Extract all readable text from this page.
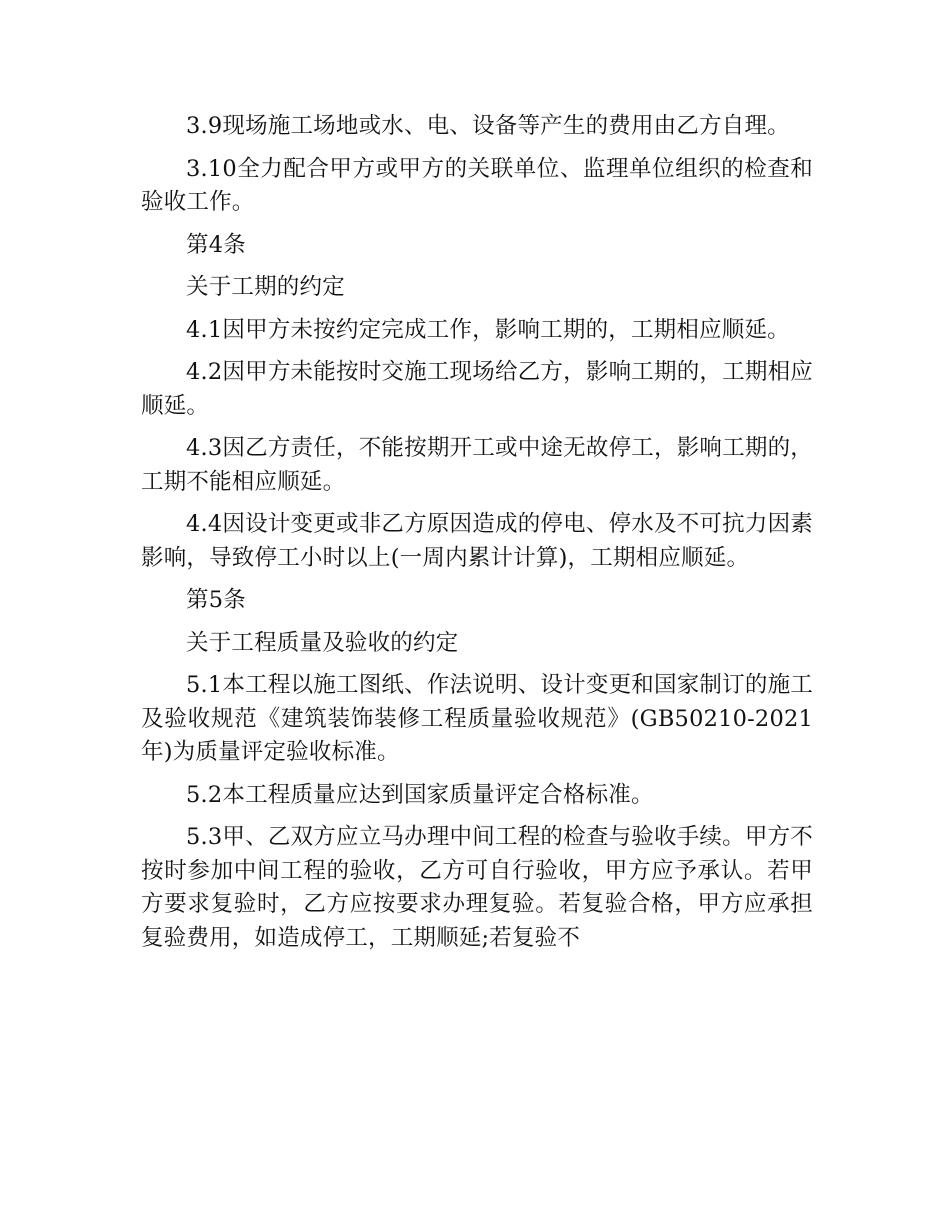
3.9现场施工场地或水、电、设备等产生的费用由乙方自理。

3.10全力配合甲方或甲方的关联单位、监理单位组织的检查和验收工作。

第4条

关于工期的约定

4.1因甲方未按约定完成工作，影响工期的，工期相应顺延。

4.2因甲方未能按时交施工现场给乙方，影响工期的，工期相应顺延。

4.3因乙方责任，不能按期开工或中途无故停工，影响工期的，工期不能相应顺延。

4.4因设计变更或非乙方原因造成的停电、停水及不可抗力因素影响，导致停工小时以上(一周内累计计算)，工期相应顺延。

第5条

关于工程质量及验收的约定

5.1本工程以施工图纸、作法说明、设计变更和国家制订的施工及验收规范《建筑装饰装修工程质量验收规范》(GB50210-2021年)为质量评定验收标准。

5.2本工程质量应达到国家质量评定合格标准。

5.3甲、乙双方应立马办理中间工程的检查与验收手续。甲方不按时参加中间工程的验收，乙方可自行验收，甲方应予承认。若甲方要求复验时，乙方应按要求办理复验。若复验合格，甲方应承担复验费用，如造成停工，工期顺延;若复验不
